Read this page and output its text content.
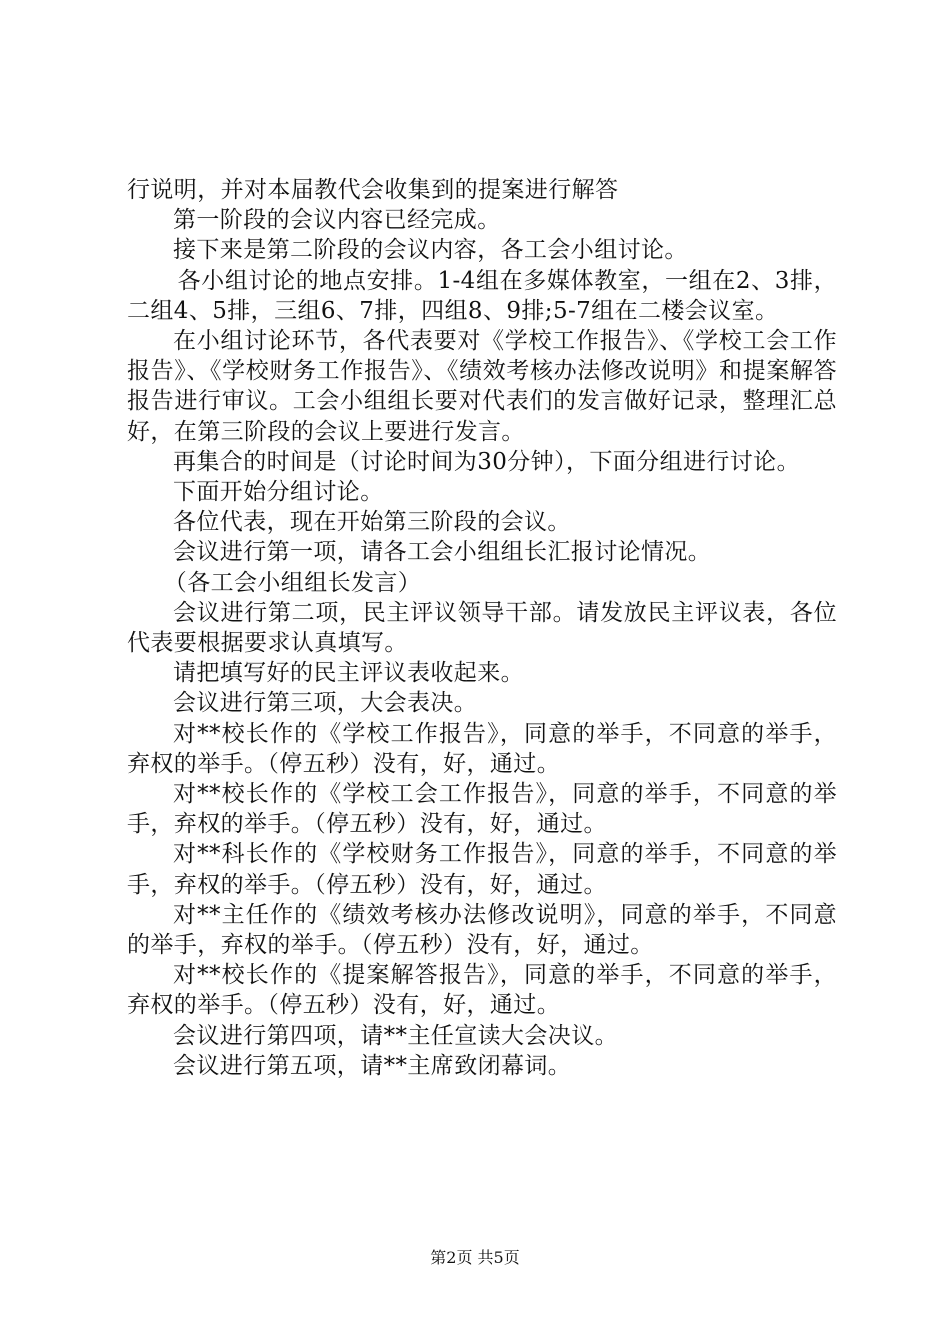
行说明，并对本届教代会收集到的提案进行解答

第一阶段的会议内容已经完成。

接下来是第二阶段的会议内容，各工会小组讨论。

各小组讨论的地点安排。1-4组在多媒体教室，一组在2、3排，二组4、5排，三组6、7排，四组8、9排;5-7组在二楼会议室。

在小组讨论环节，各代表要对《学校工作报告》、《学校工会工作报告》、《学校财务工作报告》、《绩效考核办法修改说明》和提案解答报告进行审议。工会小组组长要对代表们的发言做好记录，整理汇总好，在第三阶段的会议上要进行发言。

再集合的时间是（讨论时间为30分钟），下面分组进行讨论。

下面开始分组讨论。

各位代表，现在开始第三阶段的会议。

会议进行第一项，请各工会小组组长汇报讨论情况。

（各工会小组组长发言）

会议进行第二项，民主评议领导干部。请发放民主评议表，各位代表要根据要求认真填写。

请把填写好的民主评议表收起来。

会议进行第三项，大会表决。

对**校长作的《学校工作报告》，同意的举手，不同意的举手，弃权的举手。（停五秒）没有，好，通过。

对**校长作的《学校工会工作报告》，同意的举手，不同意的举手，弃权的举手。（停五秒）没有，好，通过。

对**科长作的《学校财务工作报告》，同意的举手，不同意的举手，弃权的举手。（停五秒）没有，好，通过。

对**主任作的《绩效考核办法修改说明》，同意的举手，不同意的举手，弃权的举手。（停五秒）没有，好，通过。

对**校长作的《提案解答报告》，同意的举手，不同意的举手，弃权的举手。（停五秒）没有，好，通过。

会议进行第四项，请**主任宣读大会决议。

会议进行第五项，请**主席致闭幕词。

第2页 共5页
